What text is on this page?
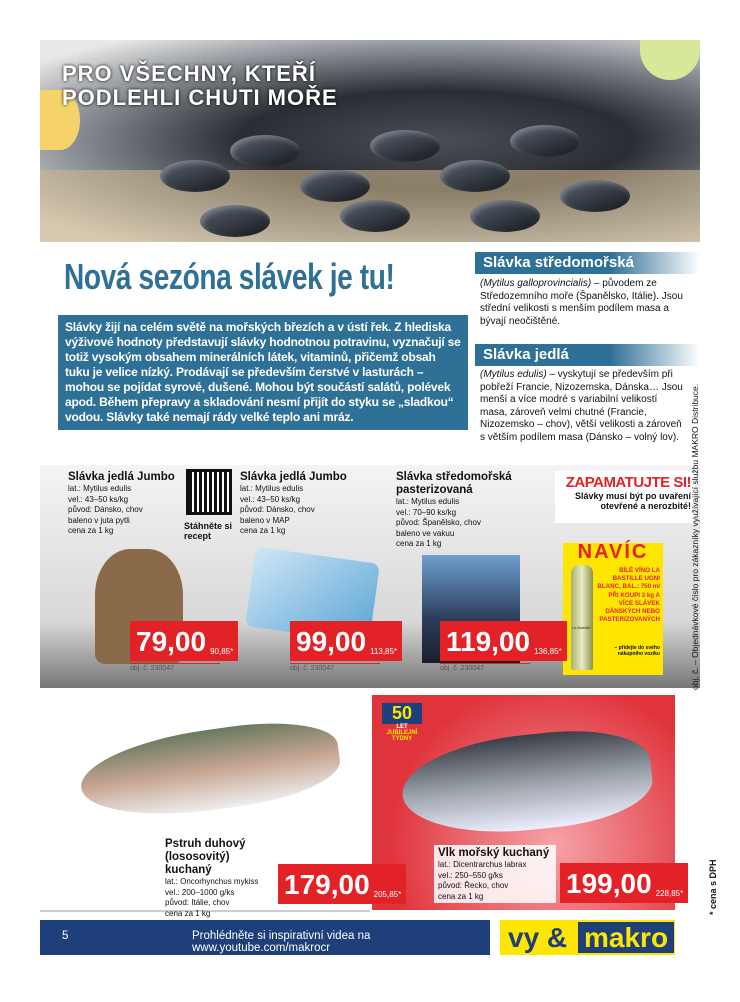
PRO VŠECHNY, KTEŘÍ
PODLEHLI CHUTI MOŘE
Nová sezóna slávek je tu!
Slávky žijí na celém světě na mořských březích a v ústí řek. Z hlediska výživové hodnoty představují slávky hodnotnou potravinu, vyznačují se totiž vysokým obsahem minerálních látek, vitaminů, přičemž obsah tuku je velice nízký. Prodávají se především čerstvé v lasturách – mohou se pojídat syrové, dušené. Mohou být součástí salátů, polévek apod. Během přepravy a skladování nesmí přijít do styku se „sladkou“ vodou. Slávky také nemají rády velké teplo ani mráz.
Slávka středomořská
(Mytilus galloprovincialis) – původem ze Středozemního moře (Španělsko, Itálie). Jsou střední velikosti s menším podílem masa a bývají neočištěné.
Slávka jedlá
(Mytilus edulis) – vyskytují se především při pobřeží Francie, Nizozemska, Dánska… Jsou menší a více modré s variabilní velikostí masa, zároveň velmi chutné (Francie, Nizozemsko – chov), větší velikosti a zároveň s větším podílem masa (Dánsko – volný lov).	obj. č. – Objednávkové číslo pro zákazníky využívající službu MAKRO Distribuce.
Slávka jedlá Jumbo
lat.: Mytilus edulis
vel.: 43–50 ks/kg
původ: Dánsko, chov
baleno v juta pytli
cena za 1 kg	Stáhněte si recept
Slávka jedlá Jumbo
lat.: Mytilus edulis
vel.: 43–50 ks/kg
původ: Dánsko, chov
baleno v MAP
cena za 1 kg
Slávka středomořská pasterizovaná
lat.: Mytilus edulis
vel.: 70–90 ks/kg
původ: Španělsko, chov
baleno ve vakuu
cena za 1 kg
79,00 90,85*
obj. č. 230047
99,00 113,85*
obj. č. 230047
119,00 136,85*
obj. č. 230047
ZAPAMATUJTE SI!
Slávky musí být po uvaření otevřené a nerozbité!
NAVÍC
La Bastille
BÍLÉ VÍNO LA BASTILLE UGNI BLANC, BAL.: 750 ml PŘI KOUPI 3 kg A VÍCE SLÁVEK DÁNSKÝCH NEBO PASTERIZOVANÝCH
– přidejte do svého nákupního vozíku
Pstruh duhový (lososovitý) kuchaný
lat.: Oncorhynchus mykiss
vel.: 200–1000 g/ks
původ: Itálie, chov
cena za 1 kg
179,00 205,85*
50
LET
JUBILEJNÍ
TÝDNY
Vlk mořský kuchaný
lat.: Dicentrarchus labrax
vel.: 250–550 g/ks
původ: Řecko, chov
cena za 1 kg	199,00 228,85*	* cena s DPH
5	Prohlédněte si inspirativní videa na www.youtube.com/makrocr	vy & makro
